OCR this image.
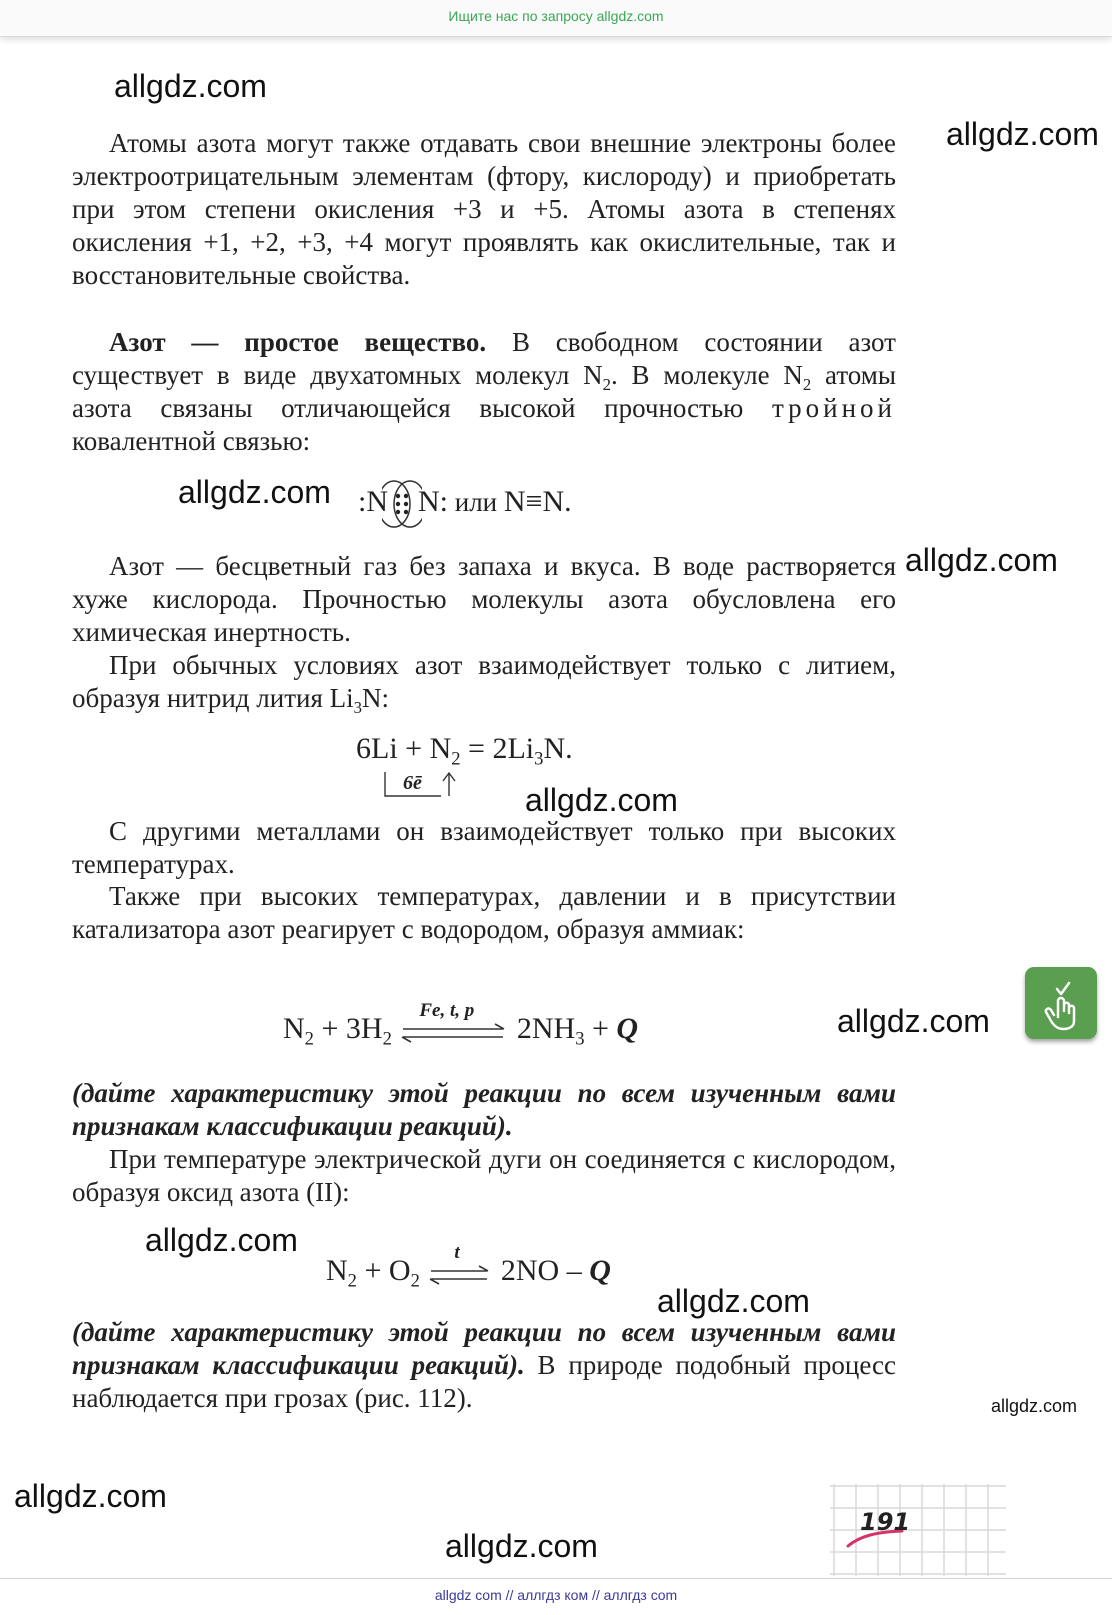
Ищите нас по запросу allgdz.com
allgdz.com
allgdz.com
allgdz.com
allgdz.com
allgdz.com
allgdz.com
allgdz.com
allgdz.com
allgdz.com
allgdz.com
allgdz.com

Атомы азота могут также отдавать свои внешние электроны более электроотрицательным элементам (фтору, кислороду) и приобретать при этом степени окисления +3 и +5. Атомы азота в степенях окисления +1, +2, +3, +4 могут проявлять как окислительные, так и восстановительные свойства.

Азот — простое вещество. В свободном состоянии азот существует в виде двухатомных молекул $N_2$. В молекуле $N_2$ атомы азота связаны отличающейся высокой прочностью тройной ковалентной связью:

:N N: или N≡N.

Азот — бесцветный газ без запаха и вкуса. В воде растворяется хуже кислорода. Прочностью молекулы азота обусловлена его химическая инертность.

При обычных условиях азот взаимодействует только с литием, образуя нитрид лития $Li_3N$:

$6Li + N_2 = 2Li_3N$.
6ē

С другими металлами он взаимодействует только при высоких температурах.

Также при высоких температурах, давлении и в присутствии катализатора азот реагирует с водородом, образуя аммиак:

$N_2 + 3H_2$
Fe, t, p
$2NH_3 + Q$

(дайте характеристику этой реакции по всем изученным вами признакам классификации реакций).

При температуре электрической дуги он соединяется с кислородом, образуя оксид азота (II):

$N_2 + O_2$
t
2NO – Q

(дайте характеристику этой реакции по всем изученным вами признакам классификации реакций). В природе подобный процесс наблюдается при грозах (рис. 112).

191
allgdz com // аллгдз ком // аллгдз com
